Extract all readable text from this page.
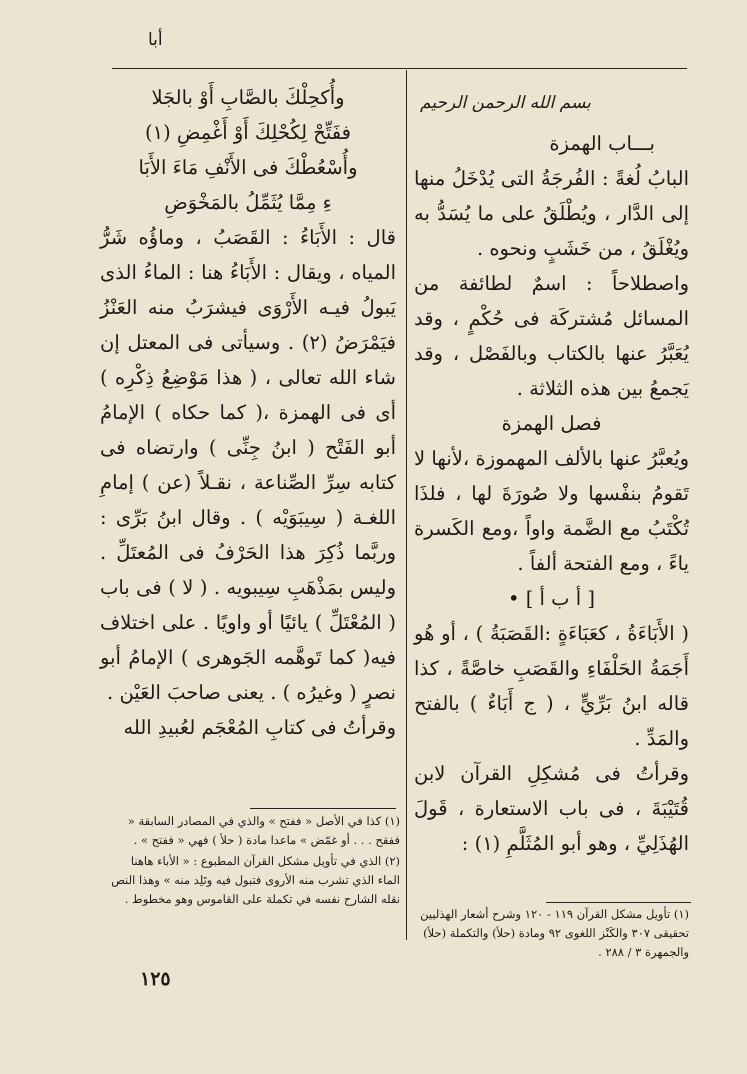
أبا
بسم الله الرحمن الرحيم

بـــاب الهمزة

البابُ لُغةً : الفُرجَةُ التى يُدْخَلُ منها إلى الدَّار ، ويُطْلَقُ على ما يُسَدُّ به ويُغْلَقُ ، من خَشَبٍ ونحوه .

واصطلاحاً : اسمٌ لطائفة من المسائل مُشتركَة فى حُكْمٍ ، وقد يُعَبَّرُ عنها بالكتاب وبالفَصْل ، وقد يَجمعُ بين هذه الثلاثة .

فصل الهمزة

ويُعبَّرُ عنها بالألف المهموزة ،لأنها لا تَقومُ بنفْسها ولا صُورَةَ لها ، فلذَا تُكْتَبُ مع الضَّمة واواً ،ومع الكَسرة ياءً ، ومع الفتحة ألفاً .

[ أ ب أ ] •

( الأَبَاءَةُ ، كعَبَاءَةٍ :القَصَبَةُ ) ، أو هُو أَجَمَةُ الحَلْفَاءِ والقَصَبِ خاصَّةً ، كذا قاله ابنُ بَرِّيٍّ ، ( ج أَبَاءٌ ) بالفتح والمَدِّ .

وقرأتُ فى مُشكِلِ القرآن لابن قُتَيْبَةَ ، فى باب الاستعارة ، قَولَ الهُذَلِيِّ ، وهو أبو المُثَلَّمِ (١) :

(١) تأويل مشكل القرآن ١١٩ - ١٢٠ وشرح أشعار الهذليين تحقيقى ٣٠٧ والكَنْز اللغوى ٩٢ ومادة (حلأ) والتكملة (حلأ) والجمهرة ٣ / ٢٨٨ .

وأُكحِلْكَ بالصَّابِ أَوْ بالجَلا

ففَتِّحْ لِكُحْلِكَ أَوْ أَغْمِضِ (١)

وأُسْعُطْكَ فى الأَنْفِ مَاءَ الأَبَا

ءِ مِمَّا يُثَمِّلُ بالمَخْوَضِ

قال : الأَبَاءُ : القَصَبُ ، وماؤُه شَرُّ المياه ، ويقال : الأَبَاءُ هنا : الماءُ الذى يَبولُ فيـه الأَرْوَى فيشرَبُ منه العَنْزُ فيَمْرَضُ (٢) . وسيأتى فى المعتل إن شاء الله تعالى ، ( هذا مَوْضِعُ ذِكْرِه ) أى فى الهمزة ،( كما حكاه ) الإمامُ أبو الفَتْح ( ابنُ جِنِّى ) وارتضاه فى كتابه سِرِّ الصِّناعة ، نقـلاً (عن ) إمامِ اللغـة ( سِيبَوَيْه ) . وقال ابنُ بَرِّى : وربَّما ذُكِرَ هذا الحَرْفُ فى المُعتَلِّ . وليس بمَذْهَبِ سِيبويه . ( لا ) فى باب ( المُعْتَلِّ ) يائيًا أو واويًا . على اختلاف فيه( كما تَوهَّمه الجَوهرى ) الإمامُ أبو نصرٍ ( وغيرُه ) . يعنى صاحبَ العَيْن .

وقرأتُ فى كتابِ المُعْجَم لعُبيدِ الله

(١) كذا في الأصل « ففتح » والذي في المصادر السابقة « ففقح . . . أو غمّض » ماعدا مادة ( حلأ ) فهي « ففتح » .

(٢) الذي في تأويل مشكل القرآن المطبوع : « الأباء هاهنا الماء الذي تشرب منه الأروى فتبول فيه وتَلِد منه » وهذا النص نقله الشارح نفسه في تكملة على القاموس وهو مخطوط .

١٢٥
